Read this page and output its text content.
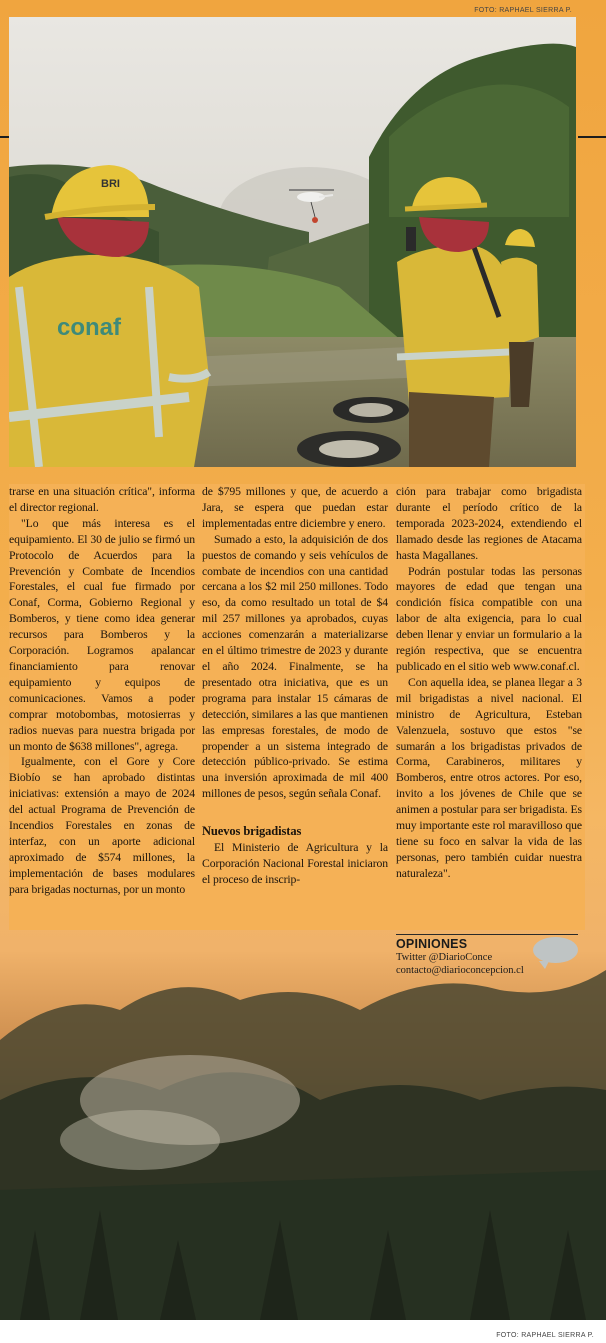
FOTO: RAPHAEL SIERRA P.
conaf
BRI

trarse en una situación crítica", informa el director regional.

"Lo que más interesa es el equipamiento. El 30 de julio se firmó un Protocolo de Acuerdos para la Prevención y Combate de Incendios Forestales, el cual fue firmado por Conaf, Corma, Gobierno Regional y Bomberos, y tiene como idea generar recursos para Bomberos y la Corporación. Logramos apalancar financiamiento para renovar equipamiento y equipos de comunicaciones. Vamos a poder comprar motobombas, motosierras y radios nuevas para nuestra brigada por un monto de $638 millones", agrega.

Igualmente, con el Gore y Core Biobío se han aprobado distintas iniciativas: extensión a mayo de 2024 del actual Programa de Prevención de Incendios Forestales en zonas de interfaz, con un aporte adicional aproximado de $574 millones, la implementación de bases modulares para brigadas nocturnas, por un monto

de $795 millones y que, de acuerdo a Jara, se espera que puedan estar implementadas entre diciembre y enero.

Sumado a esto, la adquisición de dos puestos de comando y seis vehículos de combate de incendios con una cantidad cercana a los $2 mil 250 millones. Todo eso, da como resultado un total de $4 mil 257 millones ya aprobados, cuyas acciones comenzarán a materializarse en el último trimestre de 2023 y durante el año 2024. Finalmente, se ha presentado otra iniciativa, que es un programa para instalar 15 cámaras de detección, similares a las que mantienen las empresas forestales, de modo de propender a un sistema integrado de detección público-privado. Se estima una inversión aproximada de mil 400 millones de pesos, según señala Conaf.

Nuevos brigadistas

El Ministerio de Agricultura y la Corporación Nacional Forestal iniciaron el proceso de inscrip-

ción para trabajar como brigadista durante el período crítico de la temporada 2023-2024, extendiendo el llamado desde las regiones de Atacama hasta Magallanes.

Podrán postular todas las personas mayores de edad que tengan una condición física compatible con una labor de alta exigencia, para lo cual deben llenar y enviar un formulario a la región respectiva, que se encuentra publicado en el sitio web www.conaf.cl.

Con aquella idea, se planea llegar a 3 mil brigadistas a nivel nacional. El ministro de Agricultura, Esteban Valenzuela, sostuvo que estos "se sumarán a los brigadistas privados de Corma, Carabineros, militares y Bomberos, entre otros actores. Por eso, invito a los jóvenes de Chile que se animen a postular para ser brigadista. Es muy importante este rol maravilloso que tiene su foco en salvar la vida de las personas, pero también cuidar nuestra naturaleza".

OPINIONES
Twitter @DiarioConce
contacto@diarioconcepcion.cl
FOTO: RAPHAEL SIERRA P.
